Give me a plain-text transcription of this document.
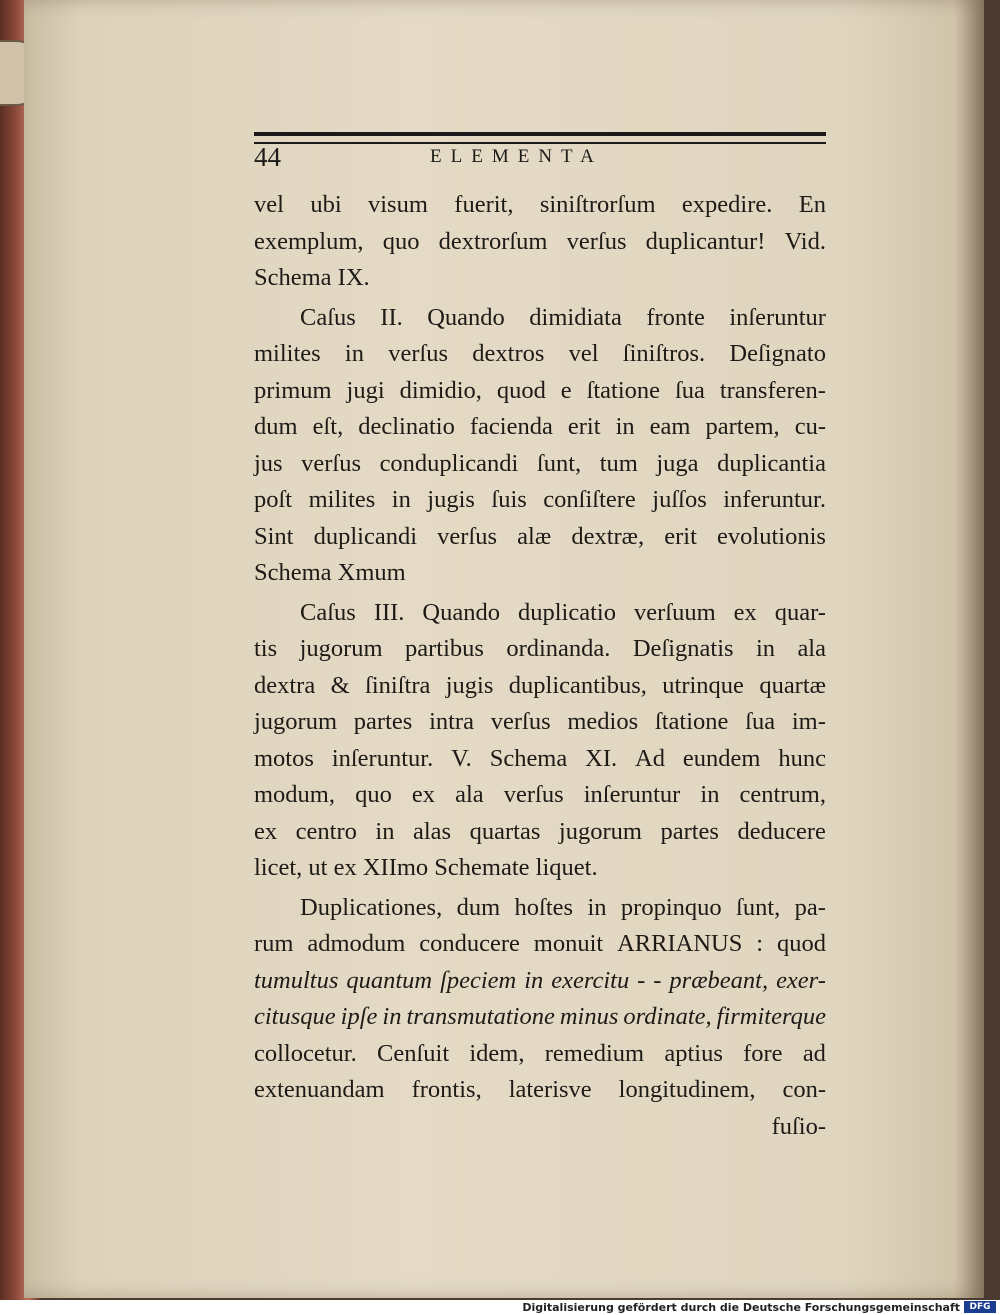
44	ELEMENTA
vel ubi visum fuerit, siniſtrorſum expedire. En
exemplum, quo dextrorſum verſus duplicantur! Vid.
Schema IX.
Caſus II. Quando dimidiata fronte inſeruntur
milites in verſus dextros vel ſiniſtros. Deſignato
primum jugi dimidio, quod e ſtatione ſua transferen-
dum eſt, declinatio facienda erit in eam partem, cu-
jus verſus conduplicandi ſunt, tum juga duplicantia
poſt milites in jugis ſuis conſiſtere juſſos inferuntur.
Sint duplicandi verſus alæ dextræ, erit evolutionis
Schema Xmum
Caſus III. Quando duplicatio verſuum ex quar-
tis jugorum partibus ordinanda. Deſignatis in ala
dextra & ſiniſtra jugis duplicantibus, utrinque quartæ
jugorum partes intra verſus medios ſtatione ſua im-
motos inſeruntur. V. Schema XI. Ad eundem hunc
modum, quo ex ala verſus inſeruntur in centrum,
ex centro in alas quartas jugorum partes deducere
licet, ut ex XIImo Schemate liquet.
Duplicationes, dum hoſtes in propinquo ſunt, pa-
rum admodum conducere monuit ARRIANUS : quod
tumultus quantum ſpeciem in exercitu - - præbeant, exer-
citusque ipſe in transmutatione minus ordinate, firmiterque
collocetur. Cenſuit idem, remedium aptius fore ad
extenuandam frontis, laterisve longitudinem, con-
fuſio-
Digitalisierung gefördert durch die Deutsche Forschungsgemeinschaft	DFG
